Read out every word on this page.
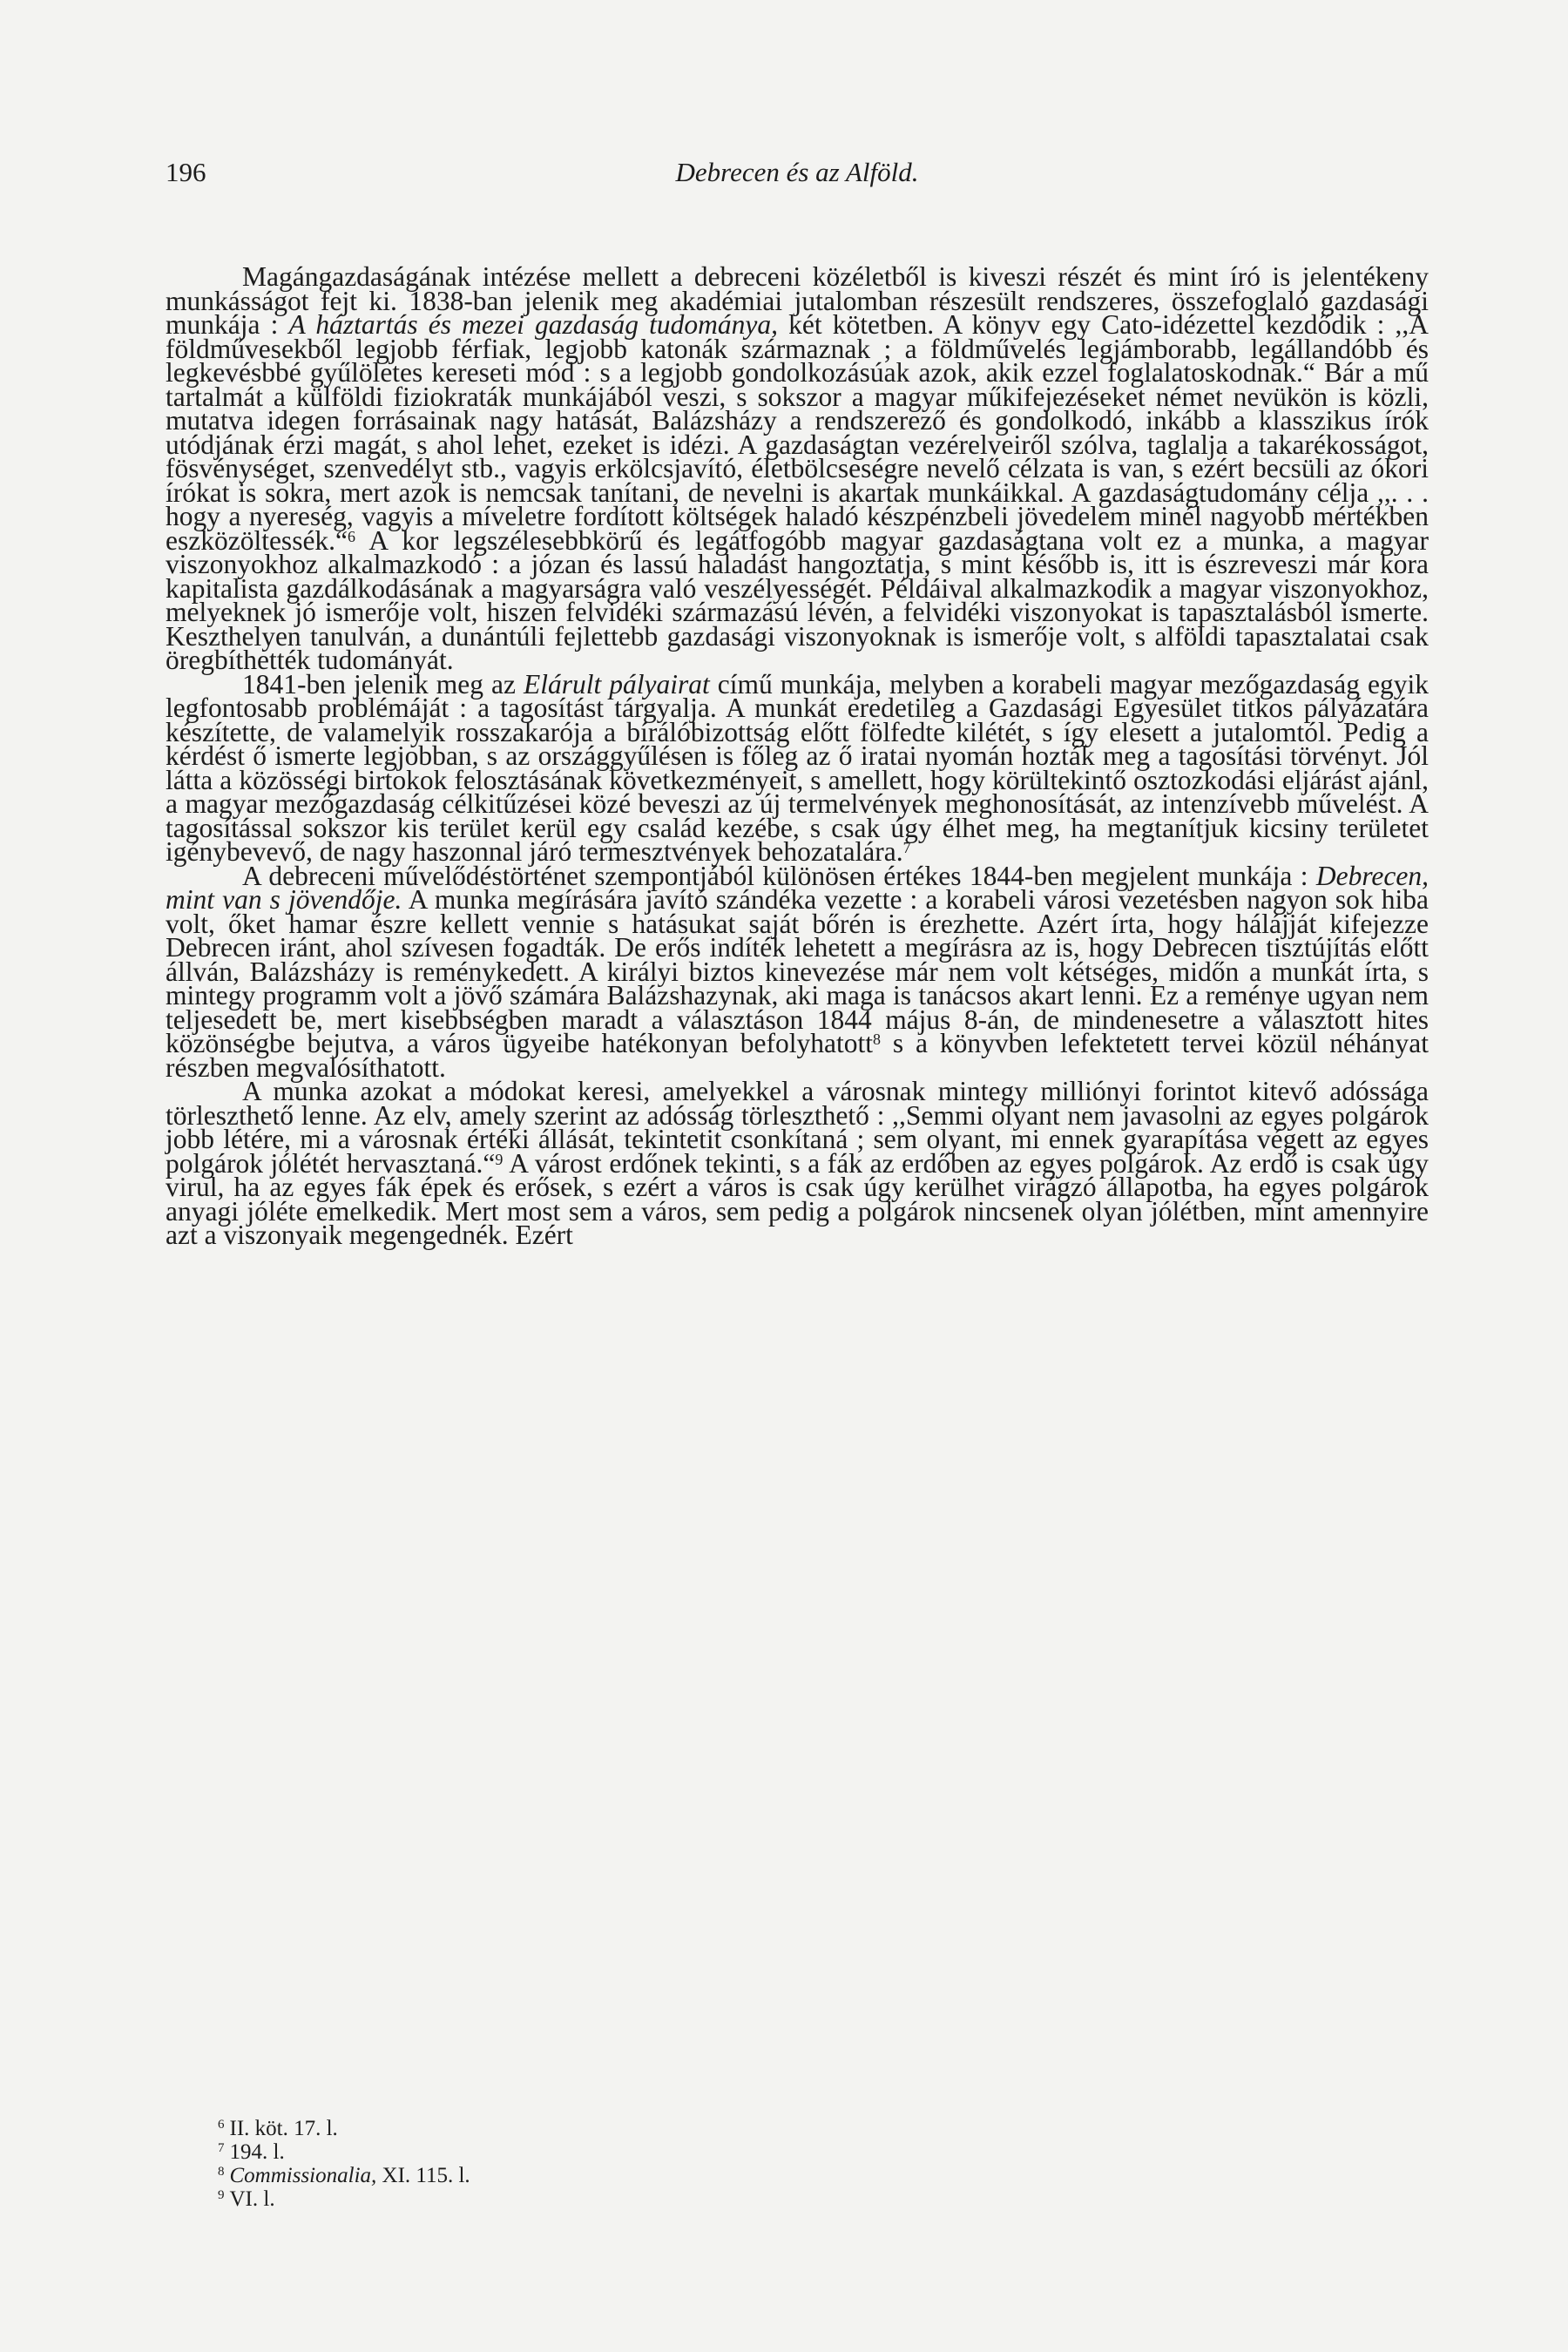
196	Debrecen és az Alföld.

Magángazdaságának intézése mellett a debreceni közéletből is kiveszi részét és mint író is jelentékeny munkásságot fejt ki. 1838-ban jelenik meg akadémiai jutalomban részesült rendszeres, összefoglaló gazdasági munkája : A háztartás és mezei gazdaság tudománya, két kötetben. A könyv egy Cato-idézettel kezdődik : ,,A földművesekből legjobb férfiak, legjobb katonák származnak ; a földművelés legjámborabb, legállandóbb és legkevésbbé gyűlöletes kereseti mód : s a legjobb gondolkozásúak azok, akik ezzel foglalatoskodnak.“ Bár a mű tartalmát a külföldi fiziokraták munkájából veszi, s sokszor a magyar műkifejezéseket német nevükön is közli, mutatva idegen forrásainak nagy hatását, Balázsházy a rendszerező és gondolkodó, inkább a klasszikus írók utódjának érzi magát, s ahol lehet, ezeket is idézi. A gazdaságtan vezérelveiről szólva, taglalja a takarékosságot, fösvénységet, szenvedélyt stb., vagyis erkölcsjavító, életbölcseségre nevelő célzata is van, s ezért becsüli az ókori írókat is sokra, mert azok is nemcsak tanítani, de nevelni is akartak munkáikkal. A gazdaságtudomány célja ,,. . . hogy a nyereség, vagyis a míveletre fordított költségek haladó készpénzbeli jövedelem minél nagyobb mértékben eszközöltessék.“$^6$ A kor legszélesebbkörű és legátfogóbb magyar gazdaságtana volt ez a munka, a magyar viszonyokhoz alkalmazkodó : a józan és lassú haladást hangoztatja, s mint később is, itt is észreveszi már kora kapitalista gazdálkodásának a magyarságra való veszélyességét. Példáival alkalmazkodik a magyar viszonyokhoz, melyeknek jó ismerője volt, hiszen felvidéki származású lévén, a felvidéki viszonyokat is tapasztalásból ismerte. Keszthelyen tanulván, a dunántúli fejlettebb gazdasági viszonyoknak is ismerője volt, s alföldi tapasztalatai csak öregbíthették tudományát.

1841-ben jelenik meg az Elárult pályairat című munkája, melyben a korabeli magyar mezőgazdaság egyik legfontosabb problémáját : a tagosítást tárgyalja. A munkát eredetileg a Gazdasági Egyesület titkos pályázatára készítette, de valamelyik rosszakarója a bírálóbizottság előtt fölfedte kilétét, s így elesett a jutalomtól. Pedig a kérdést ő ismerte legjobban, s az országgyűlésen is főleg az ő iratai nyomán hozták meg a tagosítási törvényt. Jól látta a közösségi birtokok felosztásának következményeit, s amellett, hogy körültekintő osztozkodási eljárást ajánl, a magyar mezőgazdaság célkitűzései közé beveszi az új termelvények meghonosítását, az intenzívebb művelést. A tagosítással sokszor kis terület kerül egy család kezébe, s csak úgy élhet meg, ha megtanítjuk kicsiny területet igénybevevő, de nagy haszonnal járó termesztvények behozatalára.$^7$

A debreceni művelődéstörténet szempontjából különösen értékes 1844-ben megjelent munkája : Debrecen, mint van s jövendője. A munka megírására javító szándéka vezette : a korabeli városi vezetésben nagyon sok hiba volt, őket hamar észre kellett vennie s hatásukat saját bőrén is érezhette. Azért írta, hogy hálájját kifejezze Debrecen iránt, ahol szívesen fogadták. De erős indíték lehetett a megírásra az is, hogy Debrecen tisztújítás előtt állván, Balázsházy is reménykedett. A királyi biztos kinevezése már nem volt kétséges, midőn a munkát írta, s mintegy programm volt a jövő számára Balázshazynak, aki maga is tanácsos akart lenni. Ez a reménye ugyan nem teljesedett be, mert kisebbségben maradt a választáson 1844 május 8-án, de mindenesetre a választott hites közönségbe bejutva, a város ügyeibe hatékonyan befolyhatott$^8$ s a könyvben lefektetett tervei közül néhányat részben megvalósíthatott.

A munka azokat a módokat keresi, amelyekkel a városnak mintegy milliónyi forintot kitevő adóssága törleszthető lenne. Az elv, amely szerint az adósság törleszthető : ,,Semmi olyant nem javasolni az egyes polgárok jobb létére, mi a városnak értéki állását, tekintetit csonkítaná ; sem olyant, mi ennek gyarapítása végett az egyes polgárok jólétét hervasztaná.“$^9$ A várost erdőnek tekinti, s a fák az erdőben az egyes polgárok. Az erdő is csak úgy virul, ha az egyes fák épek és erősek, s ezért a város is csak úgy kerülhet virágzó állapotba, ha egyes polgárok anyagi jólétе emelkedik. Mert most sem a város, sem pedig a polgárok nincsenek olyan jólétben, mint amennyire azt a viszonyaik megengednék. Ezért

$^6$ II. köt. 17. l.
$^7$ 194. l.
$^8$ Commissionalia, XI. 115. l.
$^9$ VI. l.
